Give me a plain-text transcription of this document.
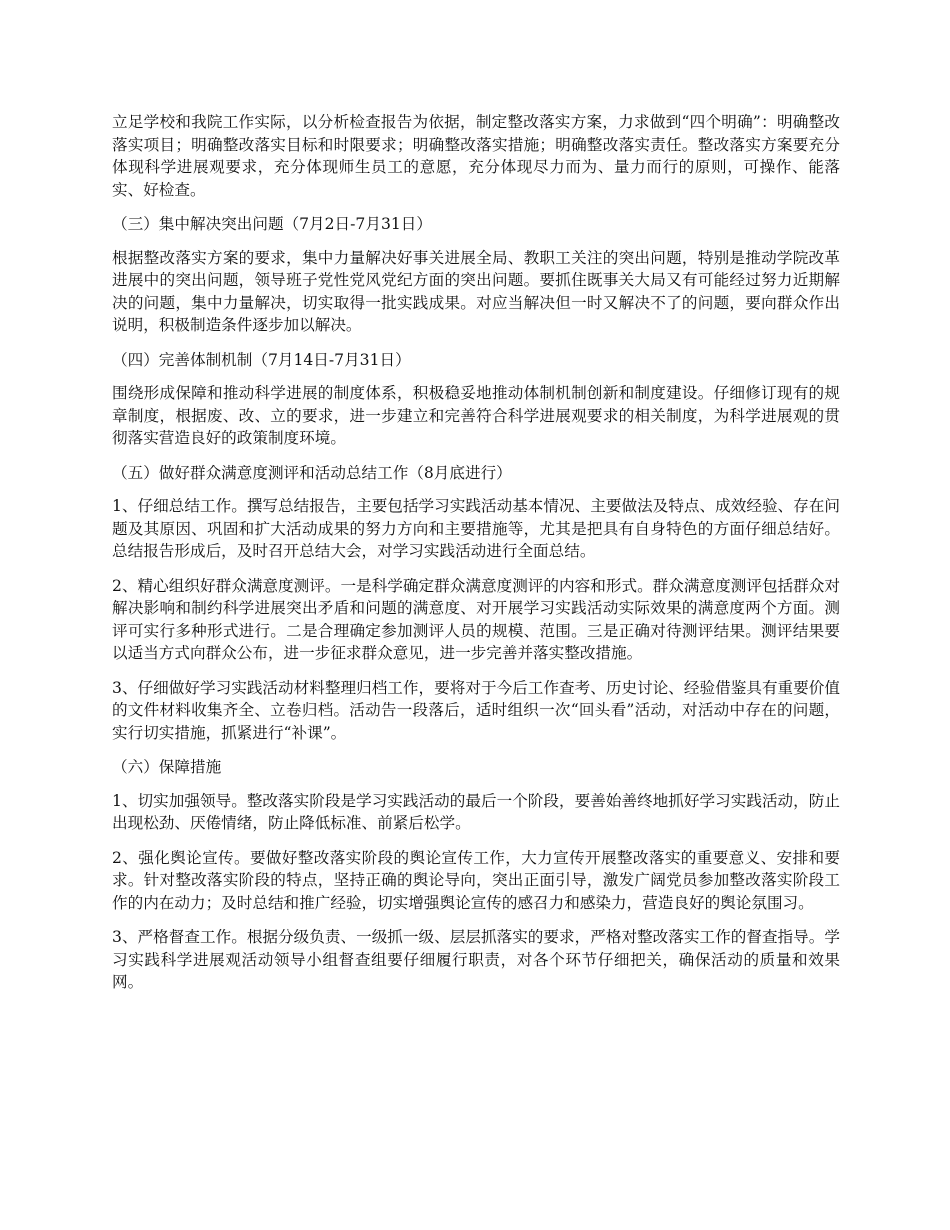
立足学校和我院工作实际，以分析检查报告为依据，制定整改落实方案，力求做到“四个明确”：明确整改落实项目；明确整改落实目标和时限要求；明确整改落实措施；明确整改落实责任。整改落实方案要充分体现科学进展观要求，充分体现师生员工的意愿，充分体现尽力而为、量力而行的原则，可操作、能落实、好检查。

（三）集中解决突出问题（7月2日-7月31日）

根据整改落实方案的要求，集中力量解决好事关进展全局、教职工关注的突出问题，特别是推动学院改革进展中的突出问题，领导班子党性党风党纪方面的突出问题。要抓住既事关大局又有可能经过努力近期解决的问题，集中力量解决，切实取得一批实践成果。对应当解决但一时又解决不了的问题，要向群众作出说明，积极制造条件逐步加以解决。

（四）完善体制机制（7月14日-7月31日）

围绕形成保障和推动科学进展的制度体系，积极稳妥地推动体制机制创新和制度建设。仔细修订现有的规章制度，根据废、改、立的要求，进一步建立和完善符合科学进展观要求的相关制度，为科学进展观的贯彻落实营造良好的政策制度环境。

（五）做好群众满意度测评和活动总结工作（8月底进行）

1、仔细总结工作。撰写总结报告，主要包括学习实践活动基本情况、主要做法及特点、成效经验、存在问题及其原因、巩固和扩大活动成果的努力方向和主要措施等，尤其是把具有自身特色的方面仔细总结好。总结报告形成后，及时召开总结大会，对学习实践活动进行全面总结。

2、精心组织好群众满意度测评。一是科学确定群众满意度测评的内容和形式。群众满意度测评包括群众对解决影响和制约科学进展突出矛盾和问题的满意度、对开展学习实践活动实际效果的满意度两个方面。测评可实行多种形式进行。二是合理确定参加测评人员的规模、范围。三是正确对待测评结果。测评结果要以适当方式向群众公布，进一步征求群众意见，进一步完善并落实整改措施。

3、仔细做好学习实践活动材料整理归档工作，要将对于今后工作查考、历史讨论、经验借鉴具有重要价值的文件材料收集齐全、立卷归档。活动告一段落后，适时组织一次“回头看”活动，对活动中存在的问题，实行切实措施，抓紧进行“补课”。

（六）保障措施

1、切实加强领导。整改落实阶段是学习实践活动的最后一个阶段，要善始善终地抓好学习实践活动，防止出现松劲、厌倦情绪，防止降低标准、前紧后松学。

2、强化舆论宣传。要做好整改落实阶段的舆论宣传工作，大力宣传开展整改落实的重要意义、安排和要求。针对整改落实阶段的特点，坚持正确的舆论导向，突出正面引导，激发广阔党员参加整改落实阶段工作的内在动力；及时总结和推广经验，切实增强舆论宣传的感召力和感染力，营造良好的舆论氛围习。

3、严格督查工作。根据分级负责、一级抓一级、层层抓落实的要求，严格对整改落实工作的督查指导。学习实践科学进展观活动领导小组督查组要仔细履行职责，对各个环节仔细把关，确保活动的质量和效果网。
